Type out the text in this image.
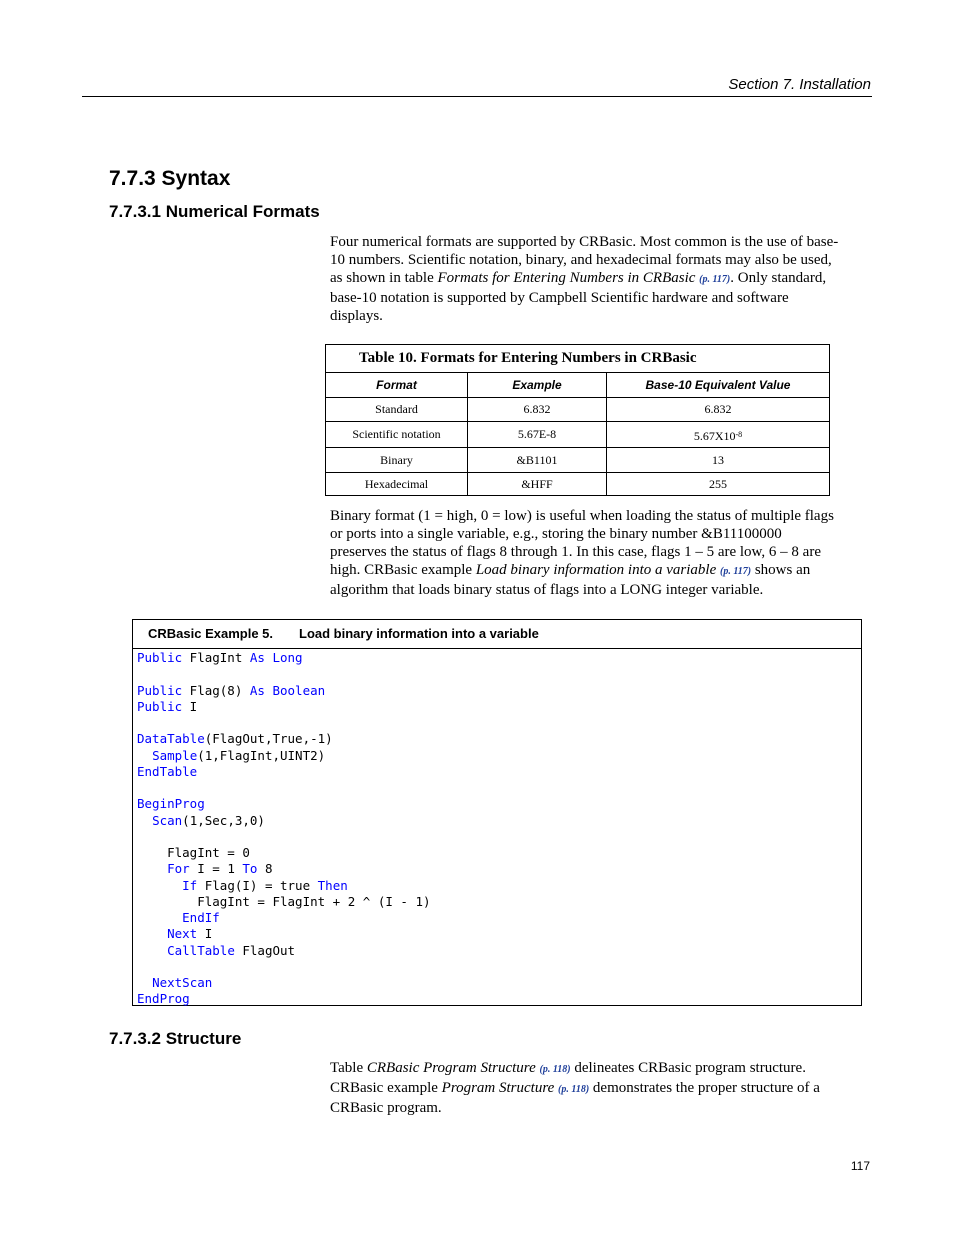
Section 7. Installation
7.7.3 Syntax
7.7.3.1 Numerical Formats
Four numerical formats are supported by CRBasic. Most common is the use of base-10 numbers. Scientific notation, binary, and hexadecimal formats may also be used, as shown in table Formats for Entering Numbers in CRBasic (p. 117). Only standard, base-10 notation is supported by Campbell Scientific hardware and software displays.
Table 10. Formats for Entering Numbers in CRBasic
Format	Example	Base-10 Equivalent Value
Standard	6.832	6.832
Scientific notation	5.67E-8	5.67X10 -8
Binary	&B1101	13
Hexadecimal	&HFF	255
Binary format (1 = high, 0 = low) is useful when loading the status of multiple flags or ports into a single variable, e.g., storing the binary number &B11100000 preserves the status of flags 8 through 1. In this case, flags 1 – 5 are low, 6 – 8 are high. CRBasic example Load binary information into a variable (p. 117) shows an algorithm that loads binary status of flags into a LONG integer variable.
CRBasic Example 5. Load binary information into a variable
Public FlagInt As Long

Public Flag(8) As Boolean
Public I

DataTable(FlagOut,True,-1)
Sample(1,FlagInt,UINT2)
EndTable

BeginProg
Scan(1,Sec,3,0)

FlagInt = 0
For I = 1 To 8
If Flag(I) = true Then
FlagInt = FlagInt + 2 ^ (I - 1)
EndIf
Next I
CallTable FlagOut

NextScan
EndProg
7.7.3.2 Structure
Table CRBasic Program Structure (p. 118) delineates CRBasic program structure. CRBasic example Program Structure (p. 118) demonstrates the proper structure of a CRBasic program.
117
